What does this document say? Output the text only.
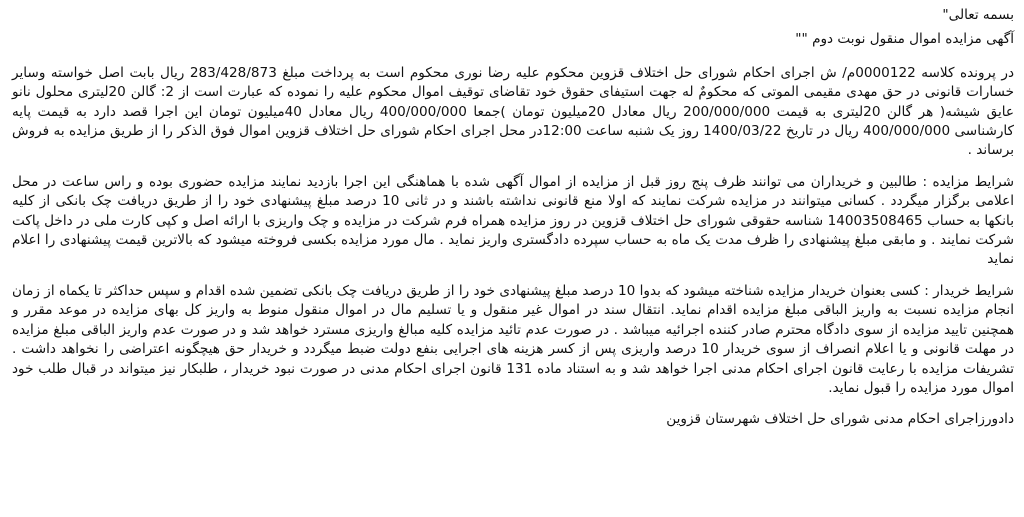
بسمه تعالی"
آگهی مزایده اموال منقول نوبت دوم ""
در پرونده کلاسه 0000122م/ ش اجرای احکام شورای حل اختلاف قزوین محکوم علیه رضا نوری محکوم است به پرداخت مبلغ 283/428/873 ریال بابت اصل خواسته وسایر خسارات قانونی در حق مهدی مقیمی الموتی که محکومٌ له جهت استیفای حقوق خود تقاضای توقیف اموال محکوم علیه را نموده که عبارت است از 2: گالن 20لیتری محلول نانو عایق شیشه( هر گالن 20لیتری به قیمت 200/000/000 ریال معادل 20میلیون تومان )جمعا 400/000/000 ریال معادل 40میلیون تومان این اجرا قصد دارد به قیمت پایه کارشناسی 400/000/000 ریال در تاریخ 1400/03/22 روز یک شنبه ساعت 12:00در محل اجرای احکام شورای حل اختلاف قزوین اموال فوق الذکر را از طریق مزایده به فروش برساند .
شرایط مزایده : طالبین و خریداران می توانند ظرف پنج روز قبل از مزایده از اموال آگهی شده با هماهنگی این اجرا بازدید نمایند مزایده حضوری بوده و راس ساعت در محل اعلامی برگزار میگردد . کسانی میتوانند در مزایده شرکت نمایند که اولا منع قانونی نداشته باشند و در ثانی 10 درصد مبلغ پیشنهادی خود را از طریق دریافت چک بانکی از کلیه بانکها به حساب 14003508465 شناسه حقوقی شورای حل اختلاف قزوین در روز مزایده همراه فرم شرکت در مزایده و چک واریزی با ارائه اصل و کپی کارت ملی در داخل پاکت شرکت نمایند . و مابقی مبلغ پیشنهادی را ظرف مدت یک ماه به حساب سپرده دادگستری واریز نماید . مال مورد مزایده بکسی فروخته میشود که بالاترین قیمت پیشنهادی را اعلام نماید
شرایط خریدار : کسی بعنوان خریدار مزایده شناخته میشود که بدوا 10 درصد مبلغ پیشنهادی خود را از طریق دریافت چک بانکی تضمین شده اقدام و سپس حداکثر تا یکماه از زمان انجام مزایده نسبت به واریز الباقی مبلغ مزایده اقدام نماید. انتقال سند در اموال غیر منقول و یا تسلیم مال در اموال منقول منوط به واریز کل بهای مزایده در موعد مقرر و همچنین تایید مزایده از سوی دادگاه محترم صادر کننده اجرائیه میباشد . در صورت عدم تائید مزایده کلیه مبالغ واریزی مسترد خواهد شد و در صورت عدم واریز الباقی مبلغ مزایده در مهلت قانونی و یا اعلام انصراف از سوی خریدار 10 درصد واریزی پس از کسر هزینه های اجرایی بنفع دولت ضبط میگردد و خریدار حق هیچگونه اعتراضی را نخواهد داشت . تشریفات مزایده با رعایت قانون اجرای احکام مدنی اجرا خواهد شد و به استناد ماده 131 قانون اجرای احکام مدنی در صورت نبود خریدار ، طلبکار نیز میتواند در قبال طلب خود اموال مورد مزایده را قبول نماید.
دادورزاجرای احکام مدنی شورای حل اختلاف شهرستان قزوین
